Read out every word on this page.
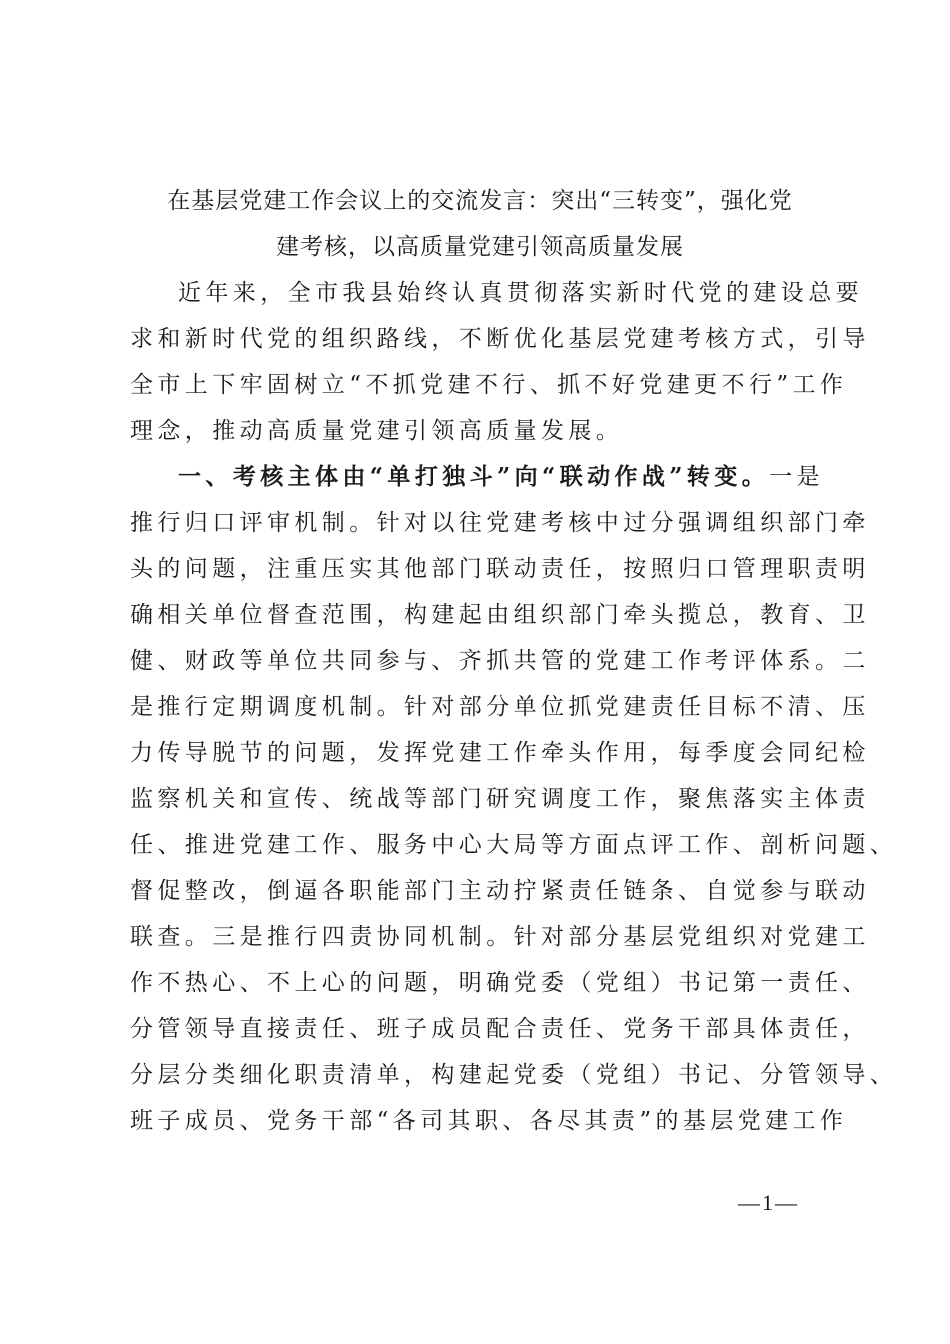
在基层党建工作会议上的交流发言：突出“三转变”，强化党
建考核，以高质量党建引领高质量发展
近年来，全市我县始终认真贯彻落实新时代党的建设总要
求和新时代党的组织路线，不断优化基层党建考核方式，引导
全市上下牢固树立“不抓党建不行、抓不好党建更不行”工作
理念，推动高质量党建引领高质量发展。
一、考核主体由“单打独斗”向“联动作战”转变。一是
推行归口评审机制。针对以往党建考核中过分强调组织部门牵
头的问题，注重压实其他部门联动责任，按照归口管理职责明
确相关单位督查范围，构建起由组织部门牵头揽总，教育、卫
健、财政等单位共同参与、齐抓共管的党建工作考评体系。二
是推行定期调度机制。针对部分单位抓党建责任目标不清、压
力传导脱节的问题，发挥党建工作牵头作用，每季度会同纪检
监察机关和宣传、统战等部门研究调度工作，聚焦落实主体责
任、推进党建工作、服务中心大局等方面点评工作、剖析问题、
督促整改，倒逼各职能部门主动拧紧责任链条、自觉参与联动
联查。三是推行四责协同机制。针对部分基层党组织对党建工
作不热心、不上心的问题，明确党委（党组）书记第一责任、
分管领导直接责任、班子成员配合责任、党务干部具体责任，
分层分类细化职责清单，构建起党委（党组）书记、分管领导、
班子成员、党务干部“各司其职、各尽其责”的基层党建工作
—1—
